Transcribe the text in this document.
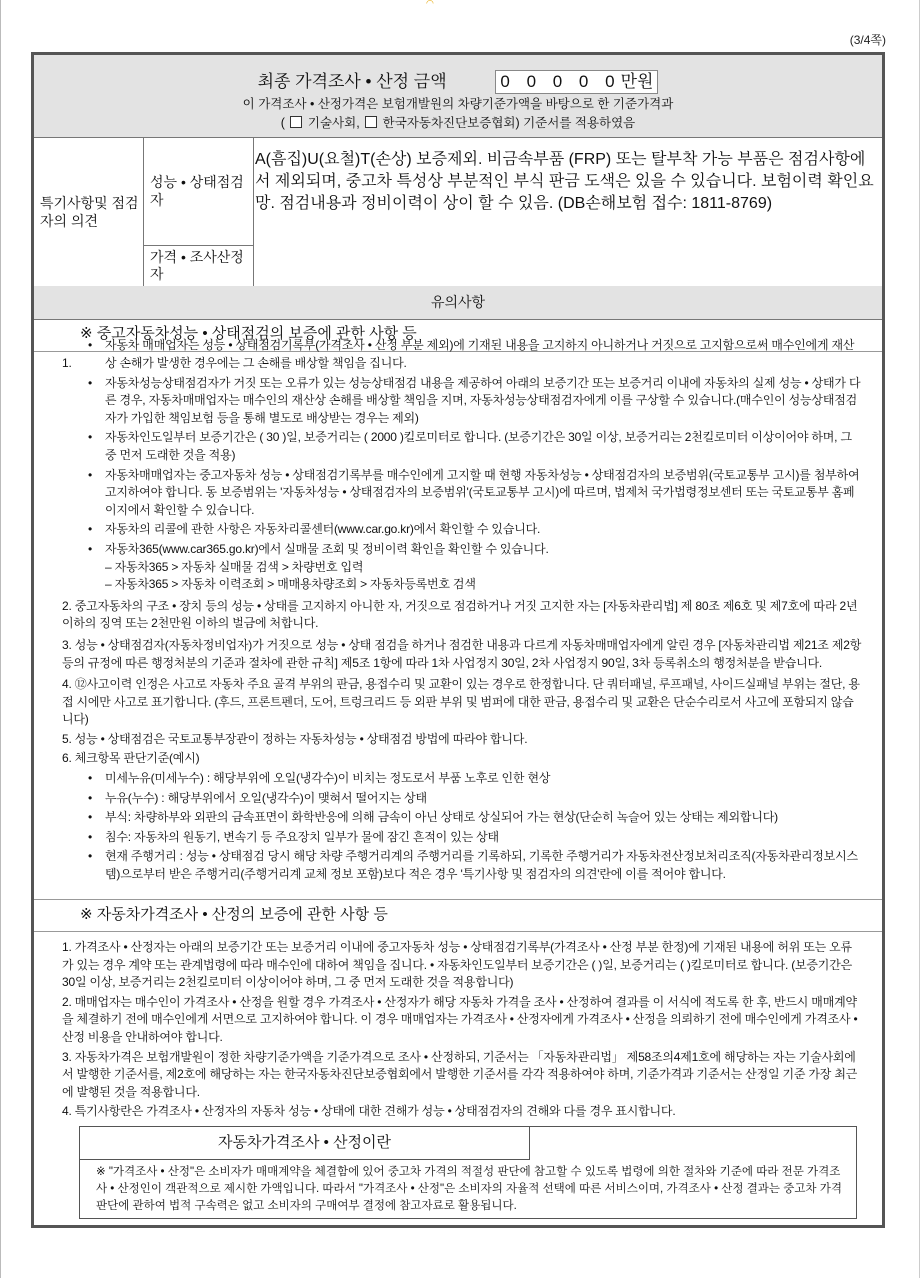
◠
(3/4쪽)
최종 가격조사 • 산정 금액	0 0 0 0 0만원
이 가격조사 • 산정가격은 보험개발원의 차량기준가액을 바탕으로 한 기준가격과
( 기술사회, 한국자동차진단보증협회) 기준서를 적용하였음
특기사항및 점검자의 의견
성능 • 상태점검자
A(흠집)U(요철)T(손상) 보증제외. 비금속부품 (FRP) 또는 탈부착 가능 부품은 점검사항에서 제외되며, 중고차 특성상 부분적인 부식 판금 도색은 있을 수 있습니다. 보험이력 확인요망. 점검내용과 정비이력이 상이 할 수 있음. (DB손해보험 접수: 1811-8769)
가격 • 조사산정자
유의사항
※ 중고자동차성능 • 상태점검의 보증에 관한 사항 등
1.
• 자동차 매매업자는 성능 • 상태점검기록부(가격조사 • 산정 부분 제외)에 기재된 내용을 고지하지 아니하거나 거짓으로 고지함으로써 매수인에게 재산상 손해가 발생한 경우에는 그 손해를 배상할 책임을 집니다.
• 자동차성능상태점검자가 거짓 또는 오류가 있는 성능상태점검 내용을 제공하여 아래의 보증기간 또는 보증거리 이내에 자동차의 실제 성능 • 상태가 다른 경우, 자동차매매업자는 매수인의 재산상 손해를 배상할 책임을 지며, 자동차성능상태점검자에게 이를 구상할 수 있습니다.(매수인이 성능상태점검자가 가입한 책임보험 등을 통해 별도로 배상받는 경우는 제외)
• 자동차인도일부터 보증기간은 ( 30 )일, 보증거리는 ( 2000 )킬로미터로 합니다. (보증기간은 30일 이상, 보증거리는 2천킬로미터 이상이어야 하며, 그 중 먼저 도래한 것을 적용)
• 자동차매매업자는 중고자동차 성능 • 상태점검기록부를 매수인에게 고지할 때 현행 자동차성능 • 상태점검자의 보증범위(국토교통부 고시)를 첨부하여 고지하여야 합니다. 동 보증범위는 '자동차성능 • 상태점검자의 보증범위'(국토교통부 고시)에 따르며, 법제처 국가법령정보센터 또는 국토교통부 홈페이지에서 확인할 수 있습니다.
• 자동차의 리콜에 관한 사항은 자동차리콜센터(www.car.go.kr)에서 확인할 수 있습니다.
• 자동차365(www.car365.go.kr)에서 실매물 조회 및 정비이력 확인을 확인할 수 있습니다.
– 자동차365 > 자동차 실매물 검색 > 차량번호 입력
– 자동차365 > 자동차 이력조회 > 매매용차량조회 > 자동차등록번호 검색
2. 중고자동차의 구조 • 장치 등의 성능 • 상태를 고지하지 아니한 자, 거짓으로 점검하거나 거짓 고지한 자는 [자동차관리법] 제 80조 제6호 및 제7호에 따라 2년 이하의 징역 또는 2천만원 이하의 벌금에 처합니다.
3. 성능 • 상태점검자(자동차정비업자)가 거짓으로 성능 • 상태 점검을 하거나 점검한 내용과 다르게 자동차매매업자에게 알린 경우 [자동차관리법 제21조 제2항 등의 규정에 따른 행정처분의 기준과 절차에 관한 규칙] 제5조 1항에 따라 1차 사업정지 30일, 2차 사업정지 90일, 3차 등록취소의 행정처분을 받습니다.
4. ⑫사고이력 인정은 사고로 자동차 주요 골격 부위의 판금, 용접수리 및 교환이 있는 경우로 한정합니다. 단 쿼터패널, 루프패널, 사이드실패널 부위는 절단, 용접 시에만 사고로 표기합니다. (후드, 프론트펜더, 도어, 트렁크리드 등 외판 부위 및 범퍼에 대한 판금, 용접수리 및 교환은 단순수리로서 사고에 포함되지 않습니다)
5. 성능 • 상태점검은 국토교통부장관이 정하는 자동차성능 • 상태점검 방법에 따라야 합니다.
6. 체크항목 판단기준(예시)
• 미세누유(미세누수) : 해당부위에 오일(냉각수)이 비치는 정도로서 부품 노후로 인한 현상
• 누유(누수) : 해당부위에서 오일(냉각수)이 맺혀서 떨어지는 상태
• 부식: 차량하부와 외판의 금속표면이 화학반응에 의해 금속이 아닌 상태로 상실되어 가는 현상(단순히 녹슬어 있는 상태는 제외합니다)
• 침수: 자동차의 원동기, 변속기 등 주요장치 일부가 물에 잠긴 흔적이 있는 상태
• 현재 주행거리 : 성능 • 상태점검 당시 해당 차량 주행거리계의 주행거리를 기록하되, 기록한 주행거리가 자동차전산정보처리조직(자동차관리정보시스템)으로부터 받은 주행거리(주행거리계 교체 정보 포함)보다 적은 경우 '특기사항 및 점검자의 의견'란에 이를 적어야 합니다.
※ 자동차가격조사 • 산정의 보증에 관한 사항 등
1. 가격조사 • 산정자는 아래의 보증기간 또는 보증거리 이내에 중고자동차 성능 • 상태점검기록부(가격조사 • 산정 부분 한정)에 기재된 내용에 허위 또는 오류가 있는 경우 계약 또는 관계법령에 따라 매수인에 대하여 책임을 집니다. • 자동차인도일부터 보증기간은 ( )일, 보증거리는 ( )킬로미터로 합니다. (보증기간은 30일 이상, 보증거리는 2천킬로미터 이상이어야 하며, 그 중 먼저 도래한 것을 적용합니다)
2. 매매업자는 매수인이 가격조사 • 산정을 원할 경우 가격조사 • 산정자가 해당 자동차 가격을 조사 • 산정하여 결과를 이 서식에 적도록 한 후, 반드시 매매계약을 체결하기 전에 매수인에게 서면으로 고지하여야 합니다. 이 경우 매매업자는 가격조사 • 산정자에게 가격조사 • 산정을 의뢰하기 전에 매수인에게 가격조사 • 산정 비용을 안내하여야 합니다.
3. 자동차가격은 보험개발원이 정한 차량기준가액을 기준가격으로 조사 • 산정하되, 기준서는 「자동차관리법」 제58조의4제1호에 해당하는 자는 기술사회에서 발행한 기준서를, 제2호에 해당하는 자는 한국자동차진단보증협회에서 발행한 기준서를 각각 적용하여야 하며, 기준가격과 기준서는 산정일 기준 가장 최근에 발행된 것을 적용합니다.
4. 특기사항란은 가격조사 • 산정자의 자동차 성능 • 상태에 대한 견해가 성능 • 상태점검자의 견해와 다를 경우 표시합니다.
자동차가격조사 • 산정이란
※ "가격조사 • 산정"은 소비자가 매매계약을 체결함에 있어 중고차 가격의 적절성 판단에 참고할 수 있도록 법령에 의한 절차와 기준에 따라 전문 가격조사 • 산정인이 객관적으로 제시한 가액입니다. 따라서 "가격조사 • 산정"은 소비자의 자율적 선택에 따른 서비스이며, 가격조사 • 산정 결과는 중고차 가격판단에 관하여 법적 구속력은 없고 소비자의 구매여부 결정에 참고자료로 활용됩니다.
